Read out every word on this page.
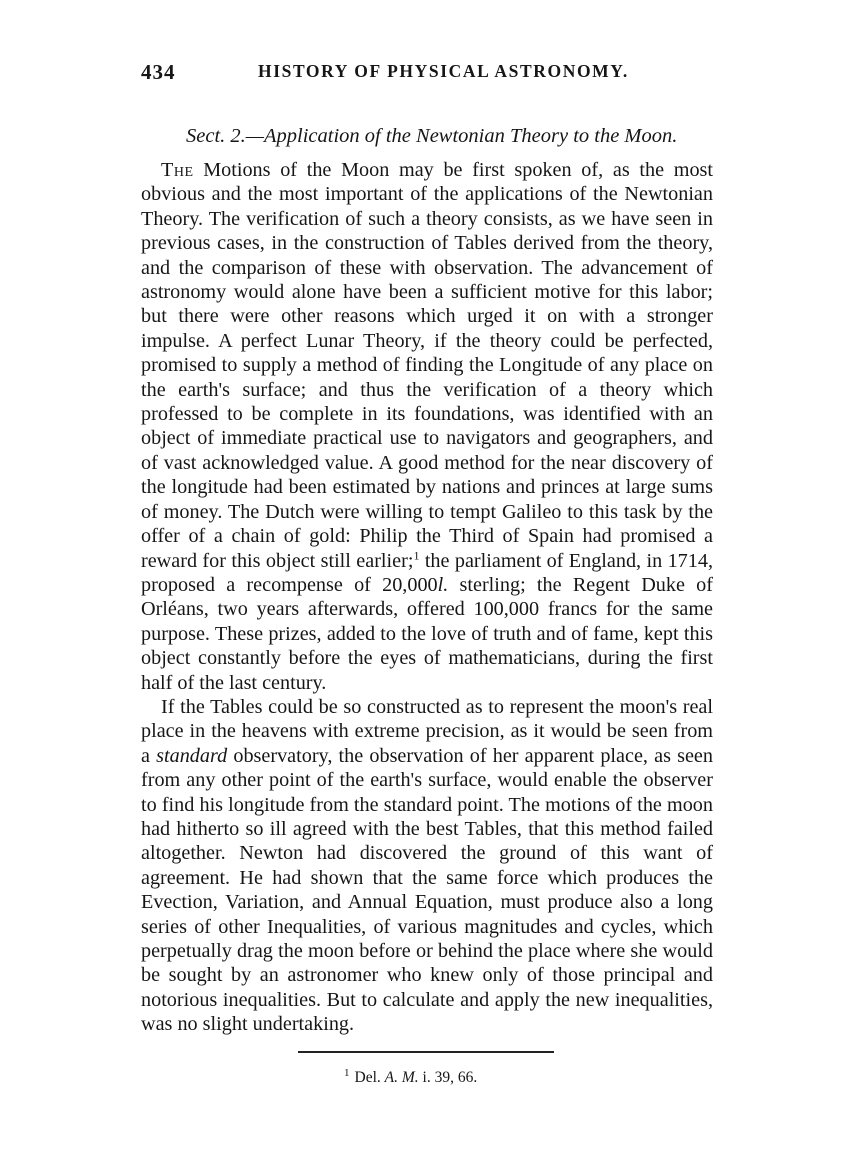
434	HISTORY OF PHYSICAL ASTRONOMY.
Sect. 2.—Application of the Newtonian Theory to the Moon.

The Motions of the Moon may be first spoken of, as the most obvious and the most important of the applications of the Newtonian Theory. The verification of such a theory consists, as we have seen in previous cases, in the construction of Tables derived from the theory, and the comparison of these with observation. The advancement of astronomy would alone have been a sufficient motive for this labor; but there were other reasons which urged it on with a stronger impulse. A perfect Lunar Theory, if the theory could be perfected, promised to supply a method of finding the Longitude of any place on the earth's surface; and thus the verification of a theory which professed to be complete in its foundations, was identified with an object of immediate practical use to navigators and geographers, and of vast acknowledged value. A good method for the near discovery of the longitude had been estimated by nations and princes at large sums of money. The Dutch were willing to tempt Galileo to this task by the offer of a chain of gold: Philip the Third of Spain had promised a reward for this object still earlier;$^1$ the parliament of England, in 1714, proposed a recompense of 20,000l. sterling; the Regent Duke of Orléans, two years afterwards, offered 100,000 francs for the same purpose. These prizes, added to the love of truth and of fame, kept this object constantly before the eyes of mathematicians, during the first half of the last century.

If the Tables could be so constructed as to represent the moon's real place in the heavens with extreme precision, as it would be seen from a standard observatory, the observation of her apparent place, as seen from any other point of the earth's surface, would enable the observer to find his longitude from the standard point. The motions of the moon had hitherto so ill agreed with the best Tables, that this method failed altogether. Newton had discovered the ground of this want of agreement. He had shown that the same force which produces the Evection, Variation, and Annual Equation, must produce also a long series of other Inequalities, of various magnitudes and cycles, which perpetually drag the moon before or behind the place where she would be sought by an astronomer who knew only of those principal and notorious inequalities. But to calculate and apply the new inequalities, was no slight undertaking.

$^1$ Del. A. M. i. 39, 66.
